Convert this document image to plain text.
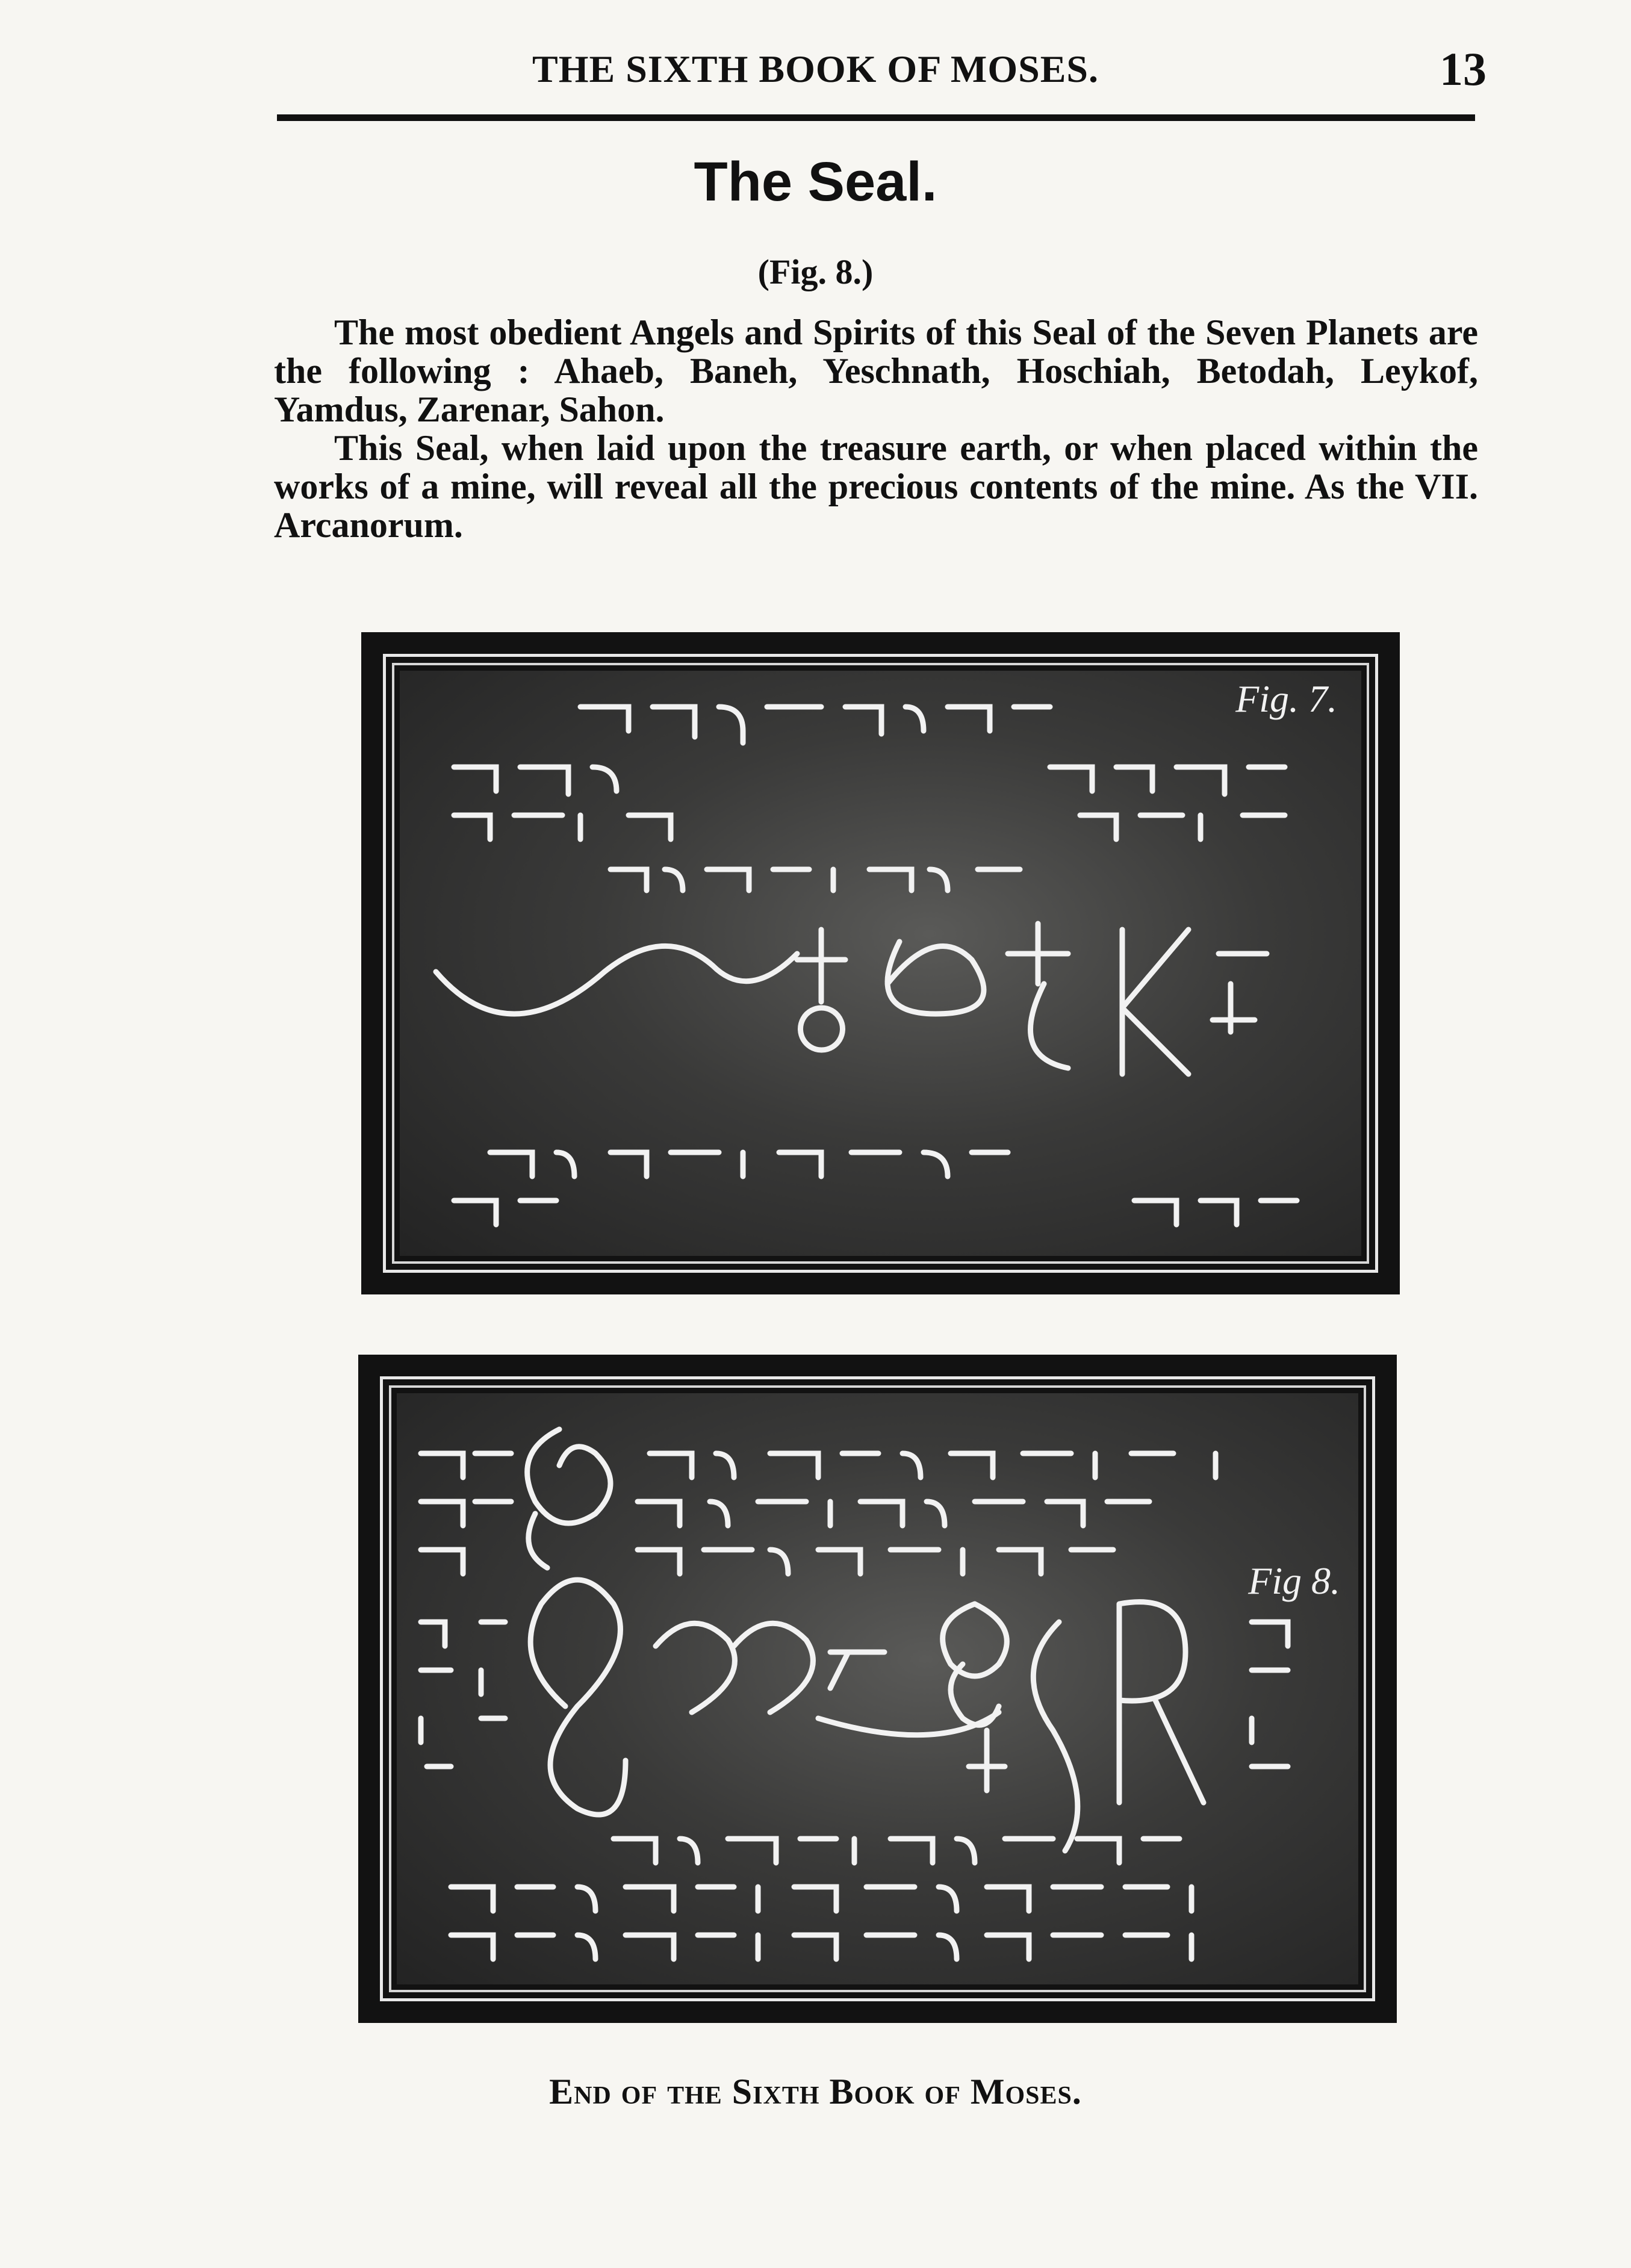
THE SIXTH BOOK OF MOSES.	13
The Seal.
(Fig. 8.)

The most obedient Angels and Spirits of this Seal of the Seven Planets are the following : Ahaeb, Baneh, Yeschnath, Hoschiah, Betodah, Leykof, Yamdus, Zarenar, Sahon.

This Seal, when laid upon the treasure earth, or when placed within the works of a mine, will reveal all the precious contents of the mine. As the VII. Arcanorum.

Fig. 7.
Fig 8.
End of the Sixth Book of Moses.
